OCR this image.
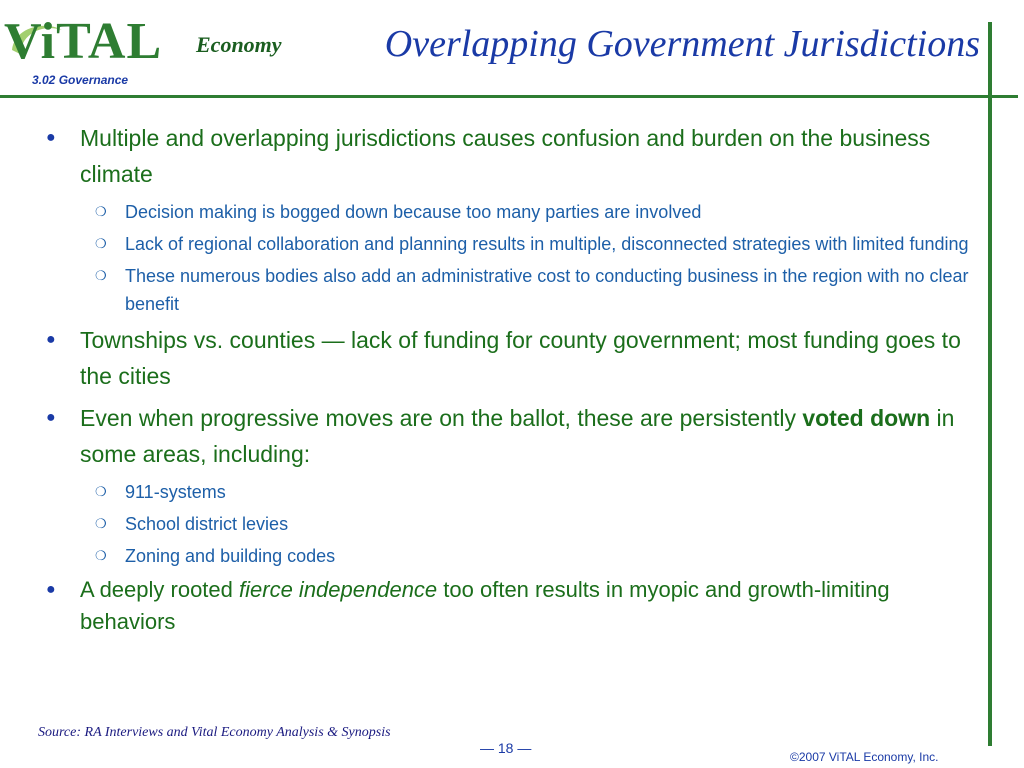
ViTAL Economy
3.02 Governance
Overlapping Government Jurisdictions
● Multiple and overlapping jurisdictions causes confusion and burden on the business climate
❍ Decision making is bogged down because too many parties are involved
❍ Lack of regional collaboration and planning results in multiple, disconnected strategies with limited funding
❍ These numerous bodies also add an administrative cost to conducting business in the region with no clear benefit
● Townships vs. counties — lack of funding for county government; most funding goes to the cities
● Even when progressive moves are on the ballot, these are persistently voted down in some areas, including:
❍ 911-systems
❍ School district levies
❍ Zoning and building codes
● A deeply rooted fierce independence too often results in myopic and growth-limiting behaviors
Source: RA Interviews and Vital Economy Analysis & Synopsis
— 18 —
©2007 ViTAL Economy, Inc.
